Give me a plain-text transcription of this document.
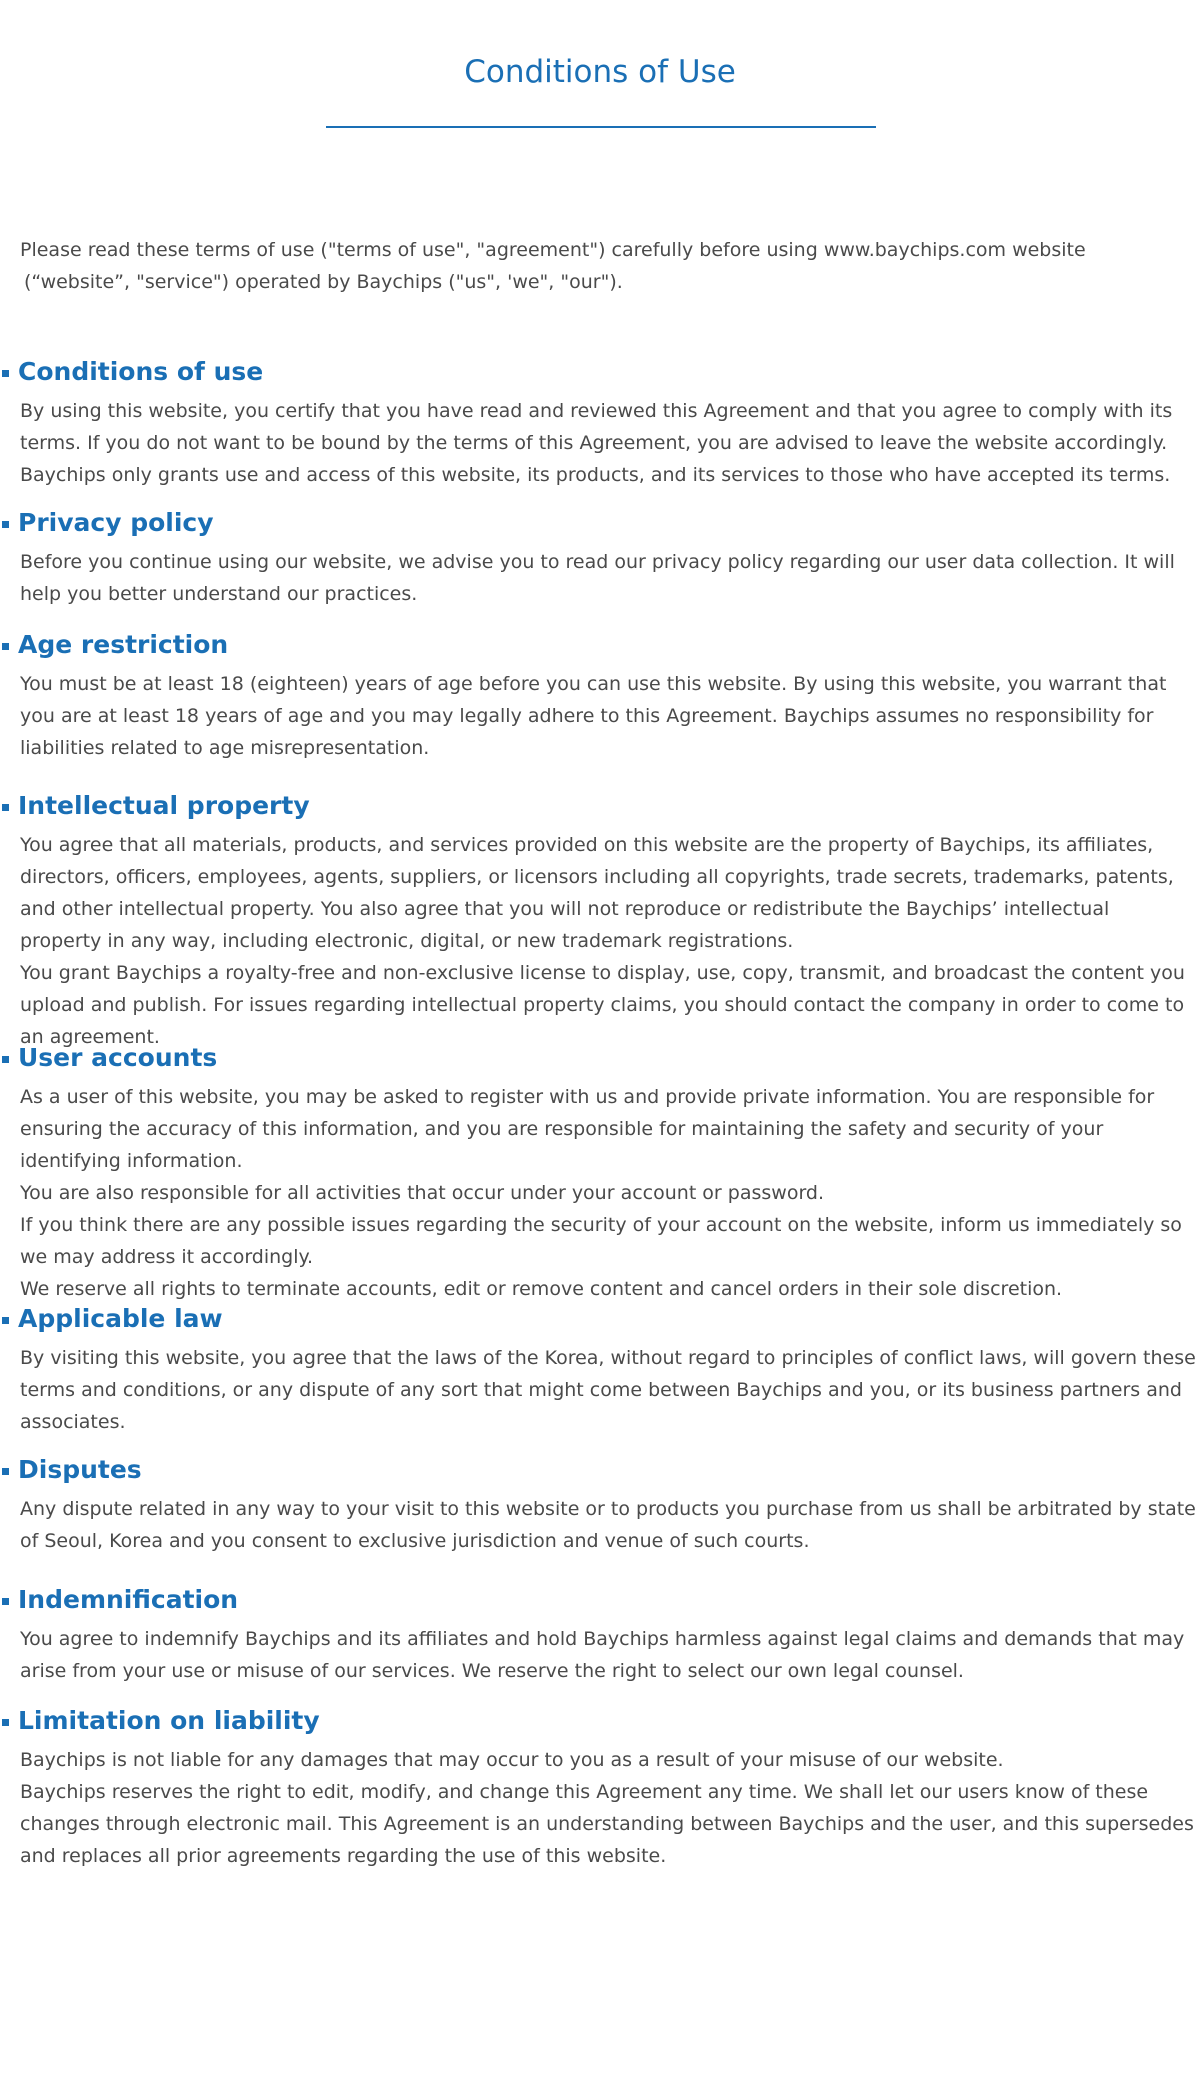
Conditions of Use

Please read these terms of use ("terms of use", "agreement") carefully before using www.baychips.com website
(“website”, "service") operated by Baychips ("us", 'we", "our").

Conditions of use
By using this website, you certify that you have read and reviewed this Agreement and that you agree to comply with its terms. If you do not want to be bound by the terms of this Agreement, you are advised to leave the website accordingly. Baychips only grants use and access of this website, its products, and its services to those who have accepted its terms.
Privacy policy
Before you continue using our website, we advise you to read our privacy policy regarding our user data collection. It will help you better understand our practices.
Age restriction
You must be at least 18 (eighteen) years of age before you can use this website. By using this website, you warrant that you are at least 18 years of age and you may legally adhere to this Agreement. Baychips assumes no responsibility for liabilities related to age misrepresentation.
Intellectual property
You agree that all materials, products, and services provided on this website are the property of Baychips, its affiliates, directors, officers, employees, agents, suppliers, or licensors including all copyrights, trade secrets, trademarks, patents, and other intellectual property. You also agree that you will not reproduce or redistribute the Baychips’ intellectual property in any way, including electronic, digital, or new trademark registrations.
You grant Baychips a royalty-free and non-exclusive license to display, use, copy, transmit, and broadcast the content you upload and publish. For issues regarding intellectual property claims, you should contact the company in order to come to an agreement.
User accounts
As a user of this website, you may be asked to register with us and provide private information. You are responsible for ensuring the accuracy of this information, and you are responsible for maintaining the safety and security of your identifying information.
You are also responsible for all activities that occur under your account or password.
If you think there are any possible issues regarding the security of your account on the website, inform us immediately so we may address it accordingly.
We reserve all rights to terminate accounts, edit or remove content and cancel orders in their sole discretion.
Applicable law
By visiting this website, you agree that the laws of the Korea, without regard to principles of conflict laws, will govern these terms and conditions, or any dispute of any sort that might come between Baychips and you, or its business partners and associates.
Disputes
Any dispute related in any way to your visit to this website or to products you purchase from us shall be arbitrated by state of Seoul, Korea and you consent to exclusive jurisdiction and venue of such courts.
Indemnification
You agree to indemnify Baychips and its affiliates and hold Baychips harmless against legal claims and demands that may arise from your use or misuse of our services. We reserve the right to select our own legal counsel.
Limitation on liability
Baychips is not liable for any damages that may occur to you as a result of your misuse of our website.
Baychips reserves the right to edit, modify, and change this Agreement any time. We shall let our users know of these changes through electronic mail. This Agreement is an understanding between Baychips and the user, and this supersedes and replaces all prior agreements regarding the use of this website.
